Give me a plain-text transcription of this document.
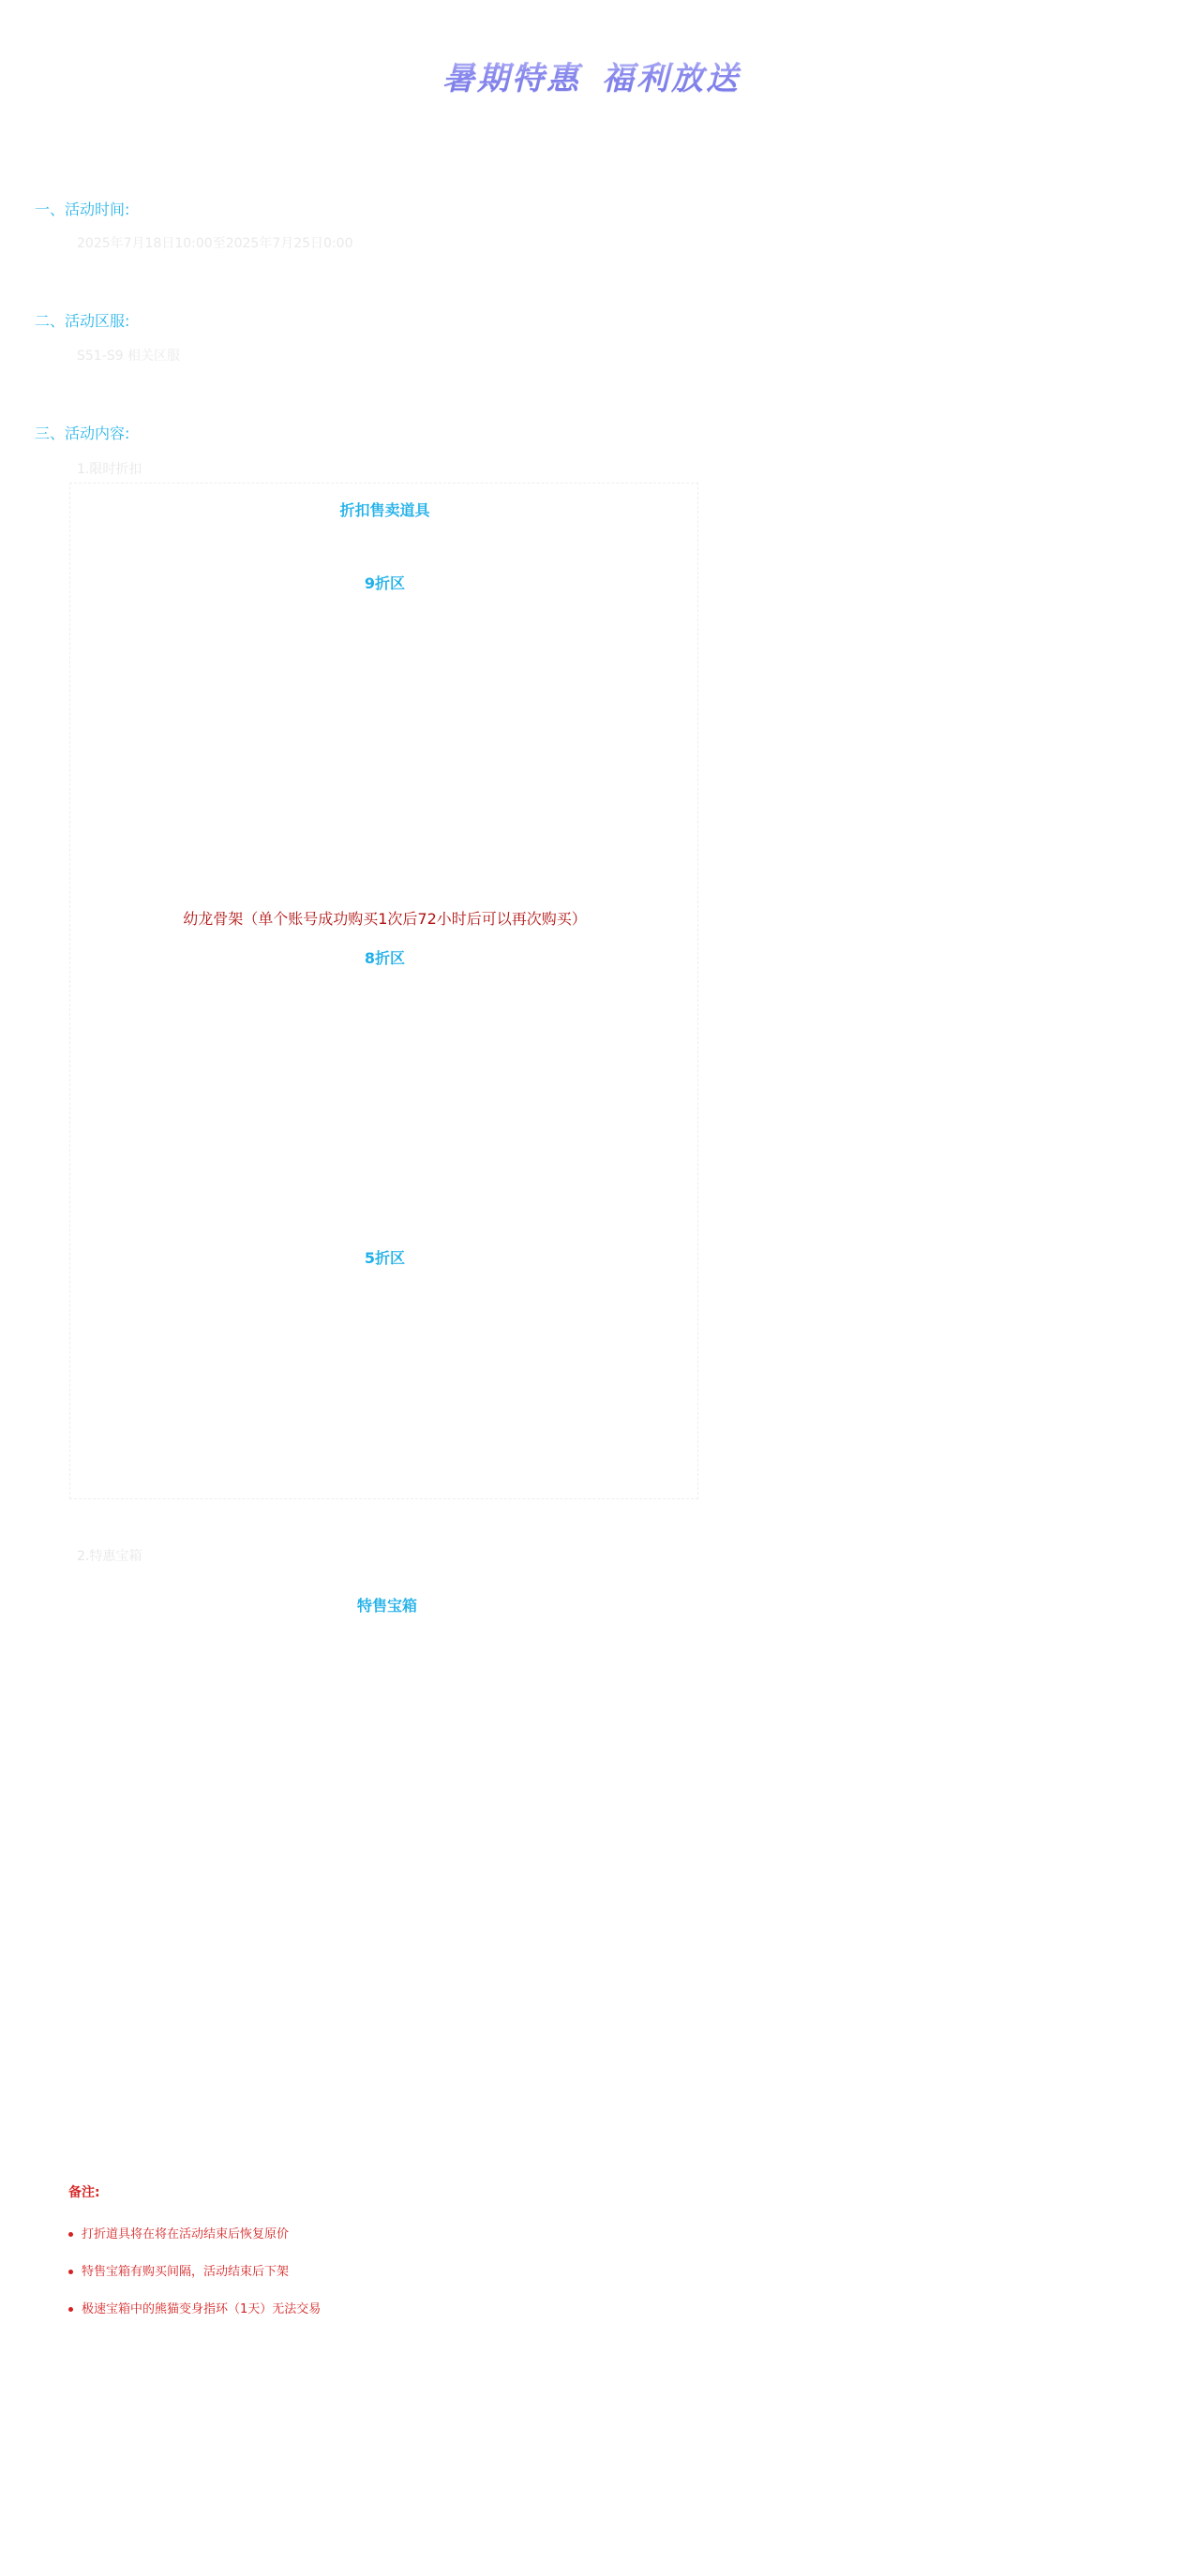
暑期特惠 福利放送
一、活动时间:

2025年7月18日10:00至2025年7月25日0:00

二、活动区服:

S51-S9 相关区服

三、活动内容:

1.限时折扣

折扣售卖道具
9折区

幼龙骨架（单个账号成功购买1次后72小时后可以再次购买）

8折区
5折区

2.特惠宝箱

特售宝箱

备注:

打折道具将在将在活动结束后恢复原价
特售宝箱有购买间隔，活动结束后下架
极速宝箱中的熊猫变身指环（1天）无法交易
